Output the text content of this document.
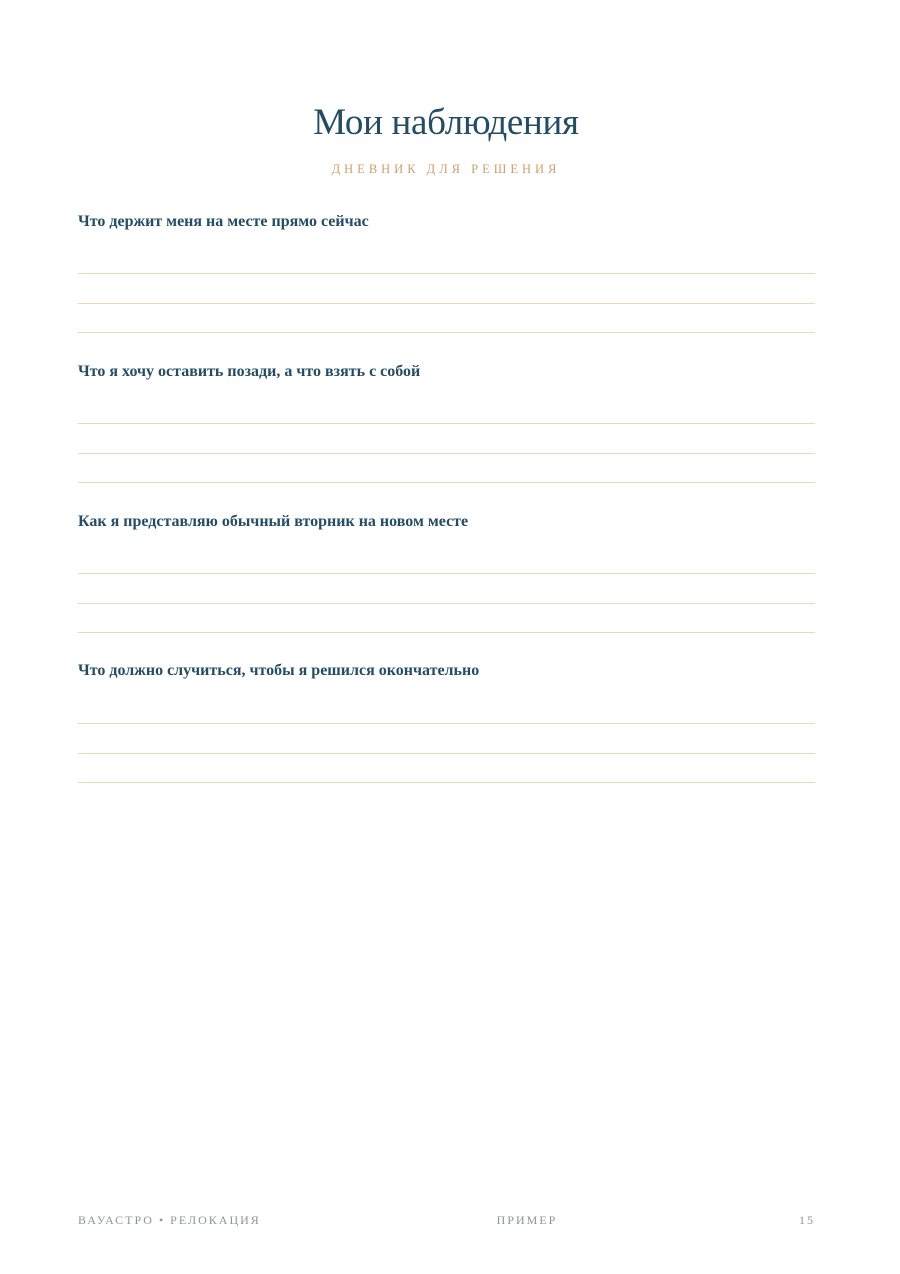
Мои наблюдения

ДНЕВНИК ДЛЯ РЕШЕНИЯ

Что держит меня на месте прямо сейчас

Что я хочу оставить позади, а что взять с собой

Как я представляю обычный вторник на новом месте

Что должно случиться, чтобы я решился окончательно

ВАУАСТРО • РЕЛОКАЦИЯ	ПРИМЕР	15
